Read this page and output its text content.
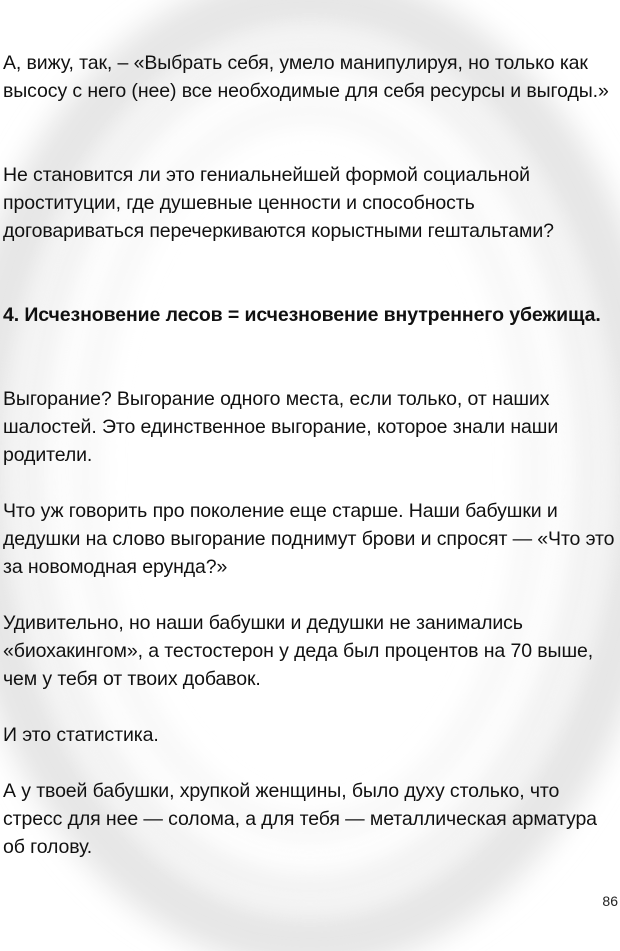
А, вижу, так, – «Выбрать себя, умело манипулируя, но только как высосу с него (нее) все необходимые для себя ресурсы и выгоды.»

Не становится ли это гениальнейшей формой социальной проституции, где душевные ценности и способность договариваться перечеркиваются корыстными гештальтами?

4. Исчезновение лесов = исчезновение внутреннего убежища.

Выгорание? Выгорание одного места, если только, от наших шалостей. Это единственное выгорание, которое знали наши родители.

Что уж говорить про поколение еще старше. Наши бабушки и дедушки на слово выгорание поднимут брови и спросят — «Что это за новомодная ерунда?»

Удивительно, но наши бабушки и дедушки не занимались «биохакингом», а тестостерон у деда был процентов на 70 выше, чем у тебя от твоих добавок.

И это статистика.

А у твоей бабушки, хрупкой женщины, было духу столько, что стресс для нее — солома, а для тебя — металлическая арматура об голову.

86
